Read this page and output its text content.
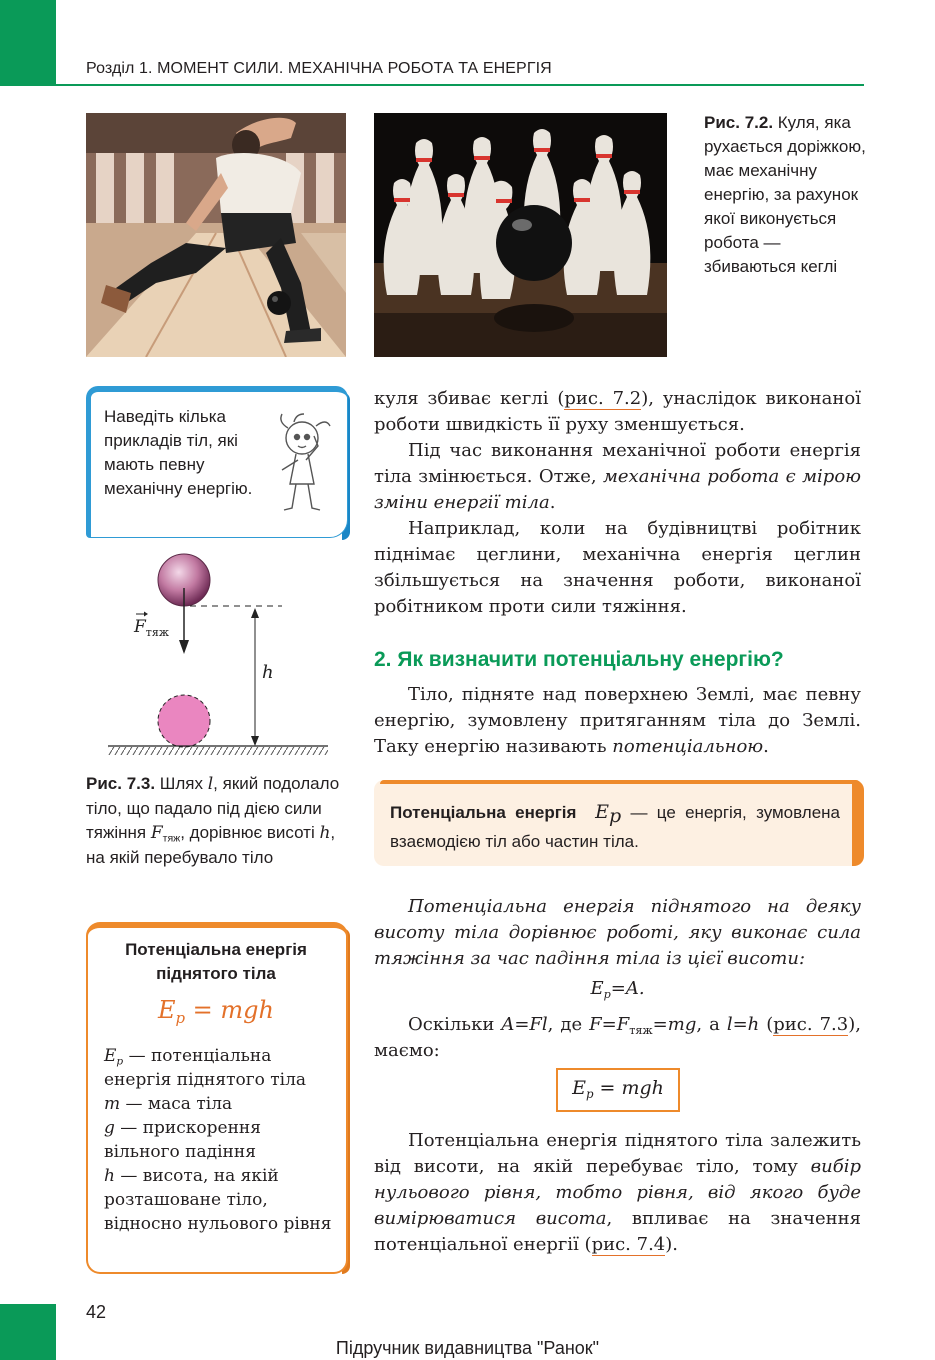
Розділ 1. МОМЕНТ СИЛИ. МЕХАНІЧНА РОБОТА ТА ЕНЕРГІЯ
Рис. 7.2. Куля, яка рухається доріжкою, має механічну енергію, за рахунок якої виконується робота — збиваються кеглі
Наведіть кілька прикладів тіл, які мають певну механічну енергію.
$F_{тяж}$
h
Рис. 7.3. Шлях l, який подолало тіло, що падало під дією сили тяжіння $F_{тяж}$, дорівнює висоті h, на якій перебувало тіло
Потенціальна енергія піднятого тіла
$E_p$ = mgh
$E_p$ — потенціальна енергія піднятого тіла
m — маса тіла
g — прискорення вільного падіння
h — висота, на якій розташоване тіло, відносно нульового рівня

куля збиває кеглі (рис. 7.2), унаслідок виконаної роботи швидкість її руху зменшується.

Під час виконання механічної роботи енергія тіла змінюється. Отже, механічна робота є мірою зміни енергії тіла.

Наприклад, коли на будівництві робітник піднімає цеглини, механічна енергія цеглин збільшується на значення роботи, виконаної робітником проти сили тяжіння.

2. Як визначити потенціальну енергію?

Тіло, підняте над поверхнею Землі, має певну енергію, зумовлену притяганням тіла до Землі. Таку енергію називають потенціальною.

Потенціальна енергія $E_p$ — це енергія, зумовлена взаємодією тіл або частин тіла.

Потенціальна енергія піднятого на деяку висоту тіла дорівнює роботі, яку виконає сила тяжіння за час падіння тіла із цієї висоти:

$E_p=A$.

Оскільки A=Fl, де $F=F_{тяж}=mg$, а l=h (рис. 7.3), маємо:

$E_p$ = mgh

Потенціальна енергія піднятого тіла залежить від висоти, на якій перебуває тіло, тому вибір нульового рівня, тобто рівня, від якого буде вимірюватися висота, впливає на значення потенціальної енергії (рис. 7.4).

42
Підручник видавництва "Ранок"
